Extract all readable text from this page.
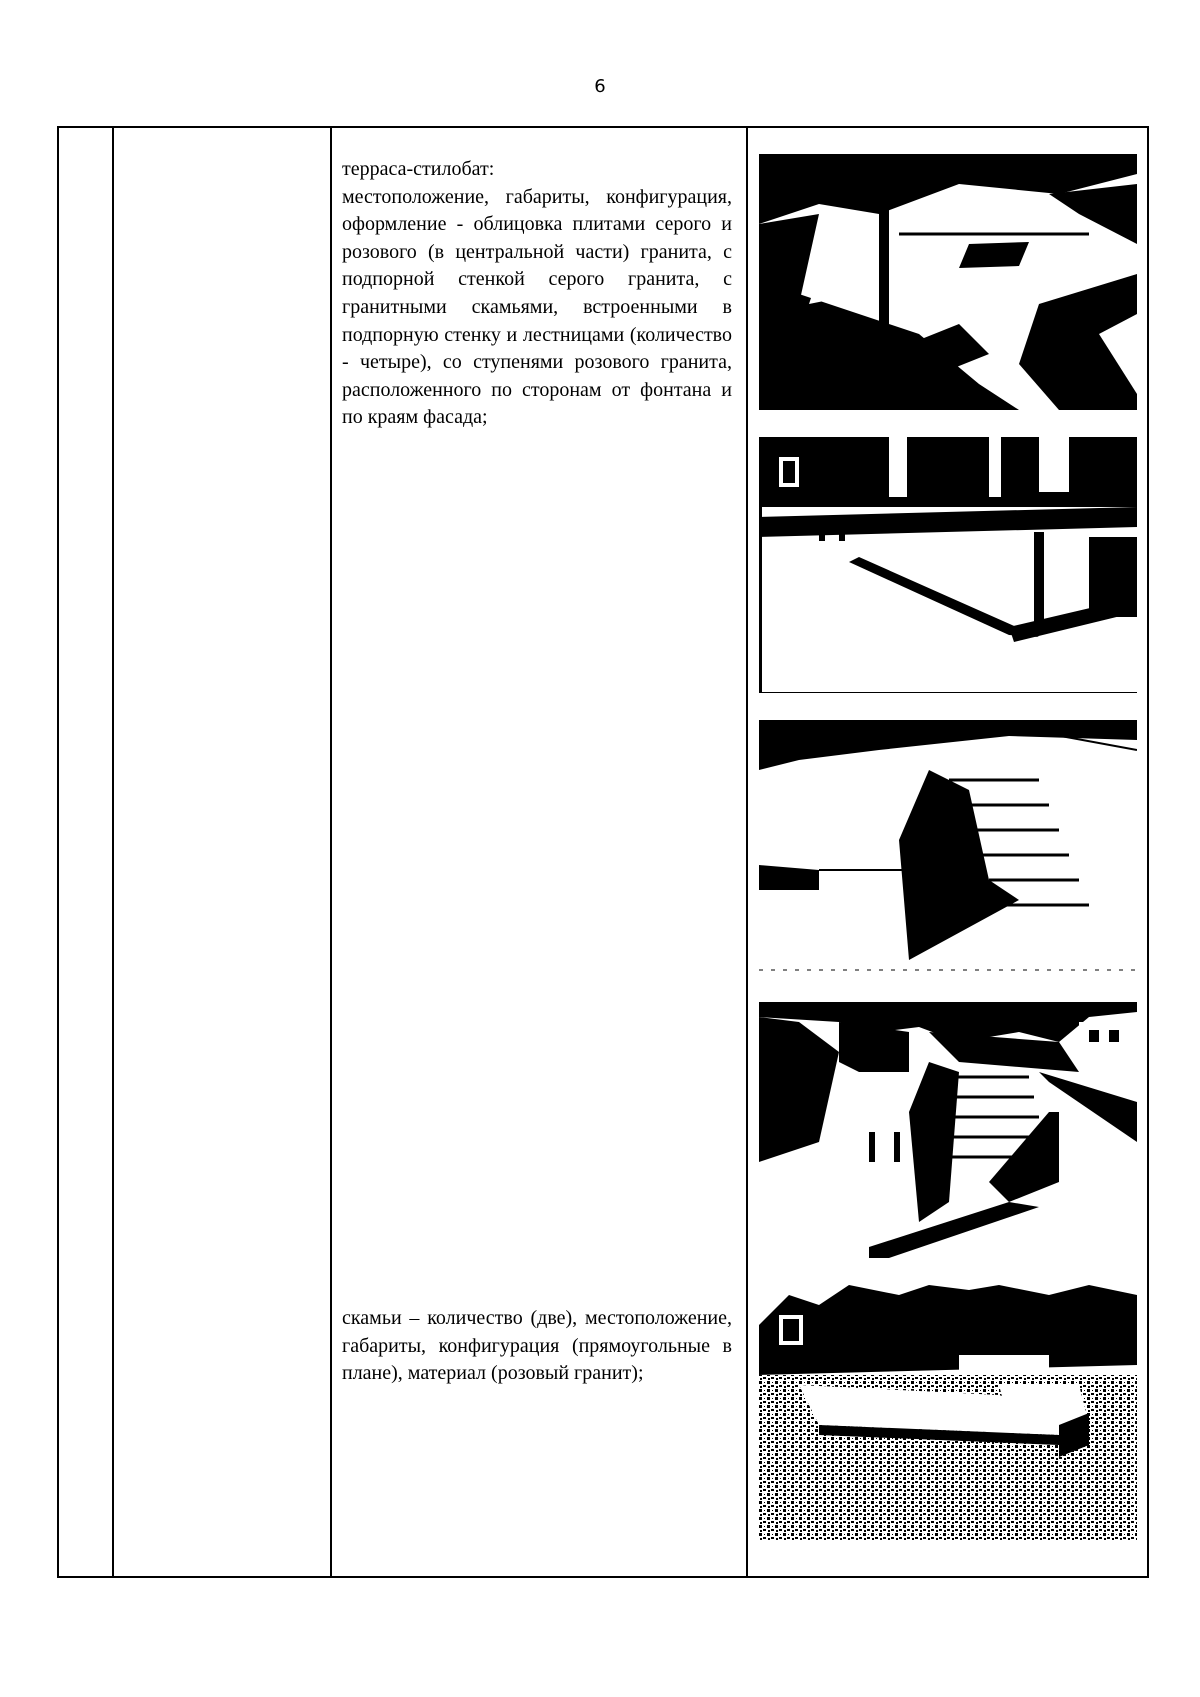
6

терраса-стилобат:

местоположение, габариты, конфигурация, оформление - облицовка плитами серого и розового (в центральной части) гранита, с подпорной стенкой серого гранита, с гранитными скамьями, встроенными в подпорную стенку и лестницами (количество - четыре), со ступенями розового гранита, расположенного по сторонам от фонтана и по краям фасада;

скамьи – количество (две), местоположение, габариты, конфигурация (прямоугольные в плане), материал (розовый гранит);
